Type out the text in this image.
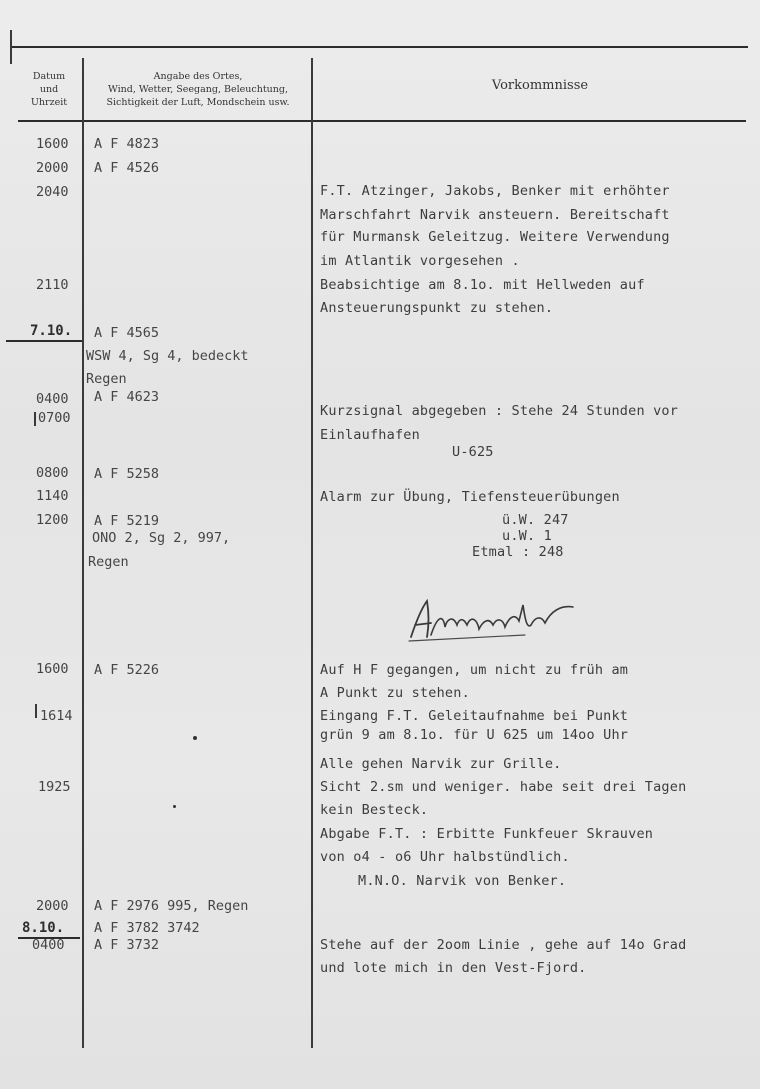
Datum
und
Uhrzeit
Angabe des Ortes,
Wind, Wetter, Seegang, Beleuchtung,
Sichtigkeit der Luft, Mondschein usw.
Vorkommnisse
1600
2000
2040
2110
7.10.
0400
0700
0800
1140
1200
1600
1614
1925
2000
8.10.
0400
A F 4823
A F 4526
A F 4565
WSW 4, Sg 4, bedeckt
Regen
A F 4623
A F 5258
A F 5219
ONO 2, Sg 2, 997,
Regen
A F 5226
A F 2976 995, Regen
A F 3782 3742
A F 3732
F.T. Atzinger, Jakobs, Benker mit erhöhter
Marschfahrt Narvik ansteuern. Bereitschaft
für Murmansk Geleitzug. Weitere Verwendung
im Atlantik vorgesehen .
Beabsichtige am 8.1o. mit Hellweden auf
Ansteuerungspunkt zu stehen.
Kurzsignal abgegeben : Stehe 24 Stunden vor
Einlaufhafen
U-625
Alarm zur Übung, Tiefensteuerübungen
ü.W. 247
u.W. 1
Etmal : 248
Auf H F gegangen, um nicht zu früh am
A Punkt zu stehen.
Eingang F.T. Geleitaufnahme bei Punkt
grün 9 am 8.1o. für U 625 um 14oo Uhr
Alle gehen Narvik zur Grille.
Sicht 2.sm und weniger. habe seit drei Tagen
kein Besteck.
Abgabe F.T. : Erbitte Funkfeuer Skrauven
von o4 - o6 Uhr halbstündlich.
M.N.O. Narvik von Benker.
Stehe auf der 2oom Linie , gehe auf 14o Grad
und lote mich in den Vest-Fjord.
